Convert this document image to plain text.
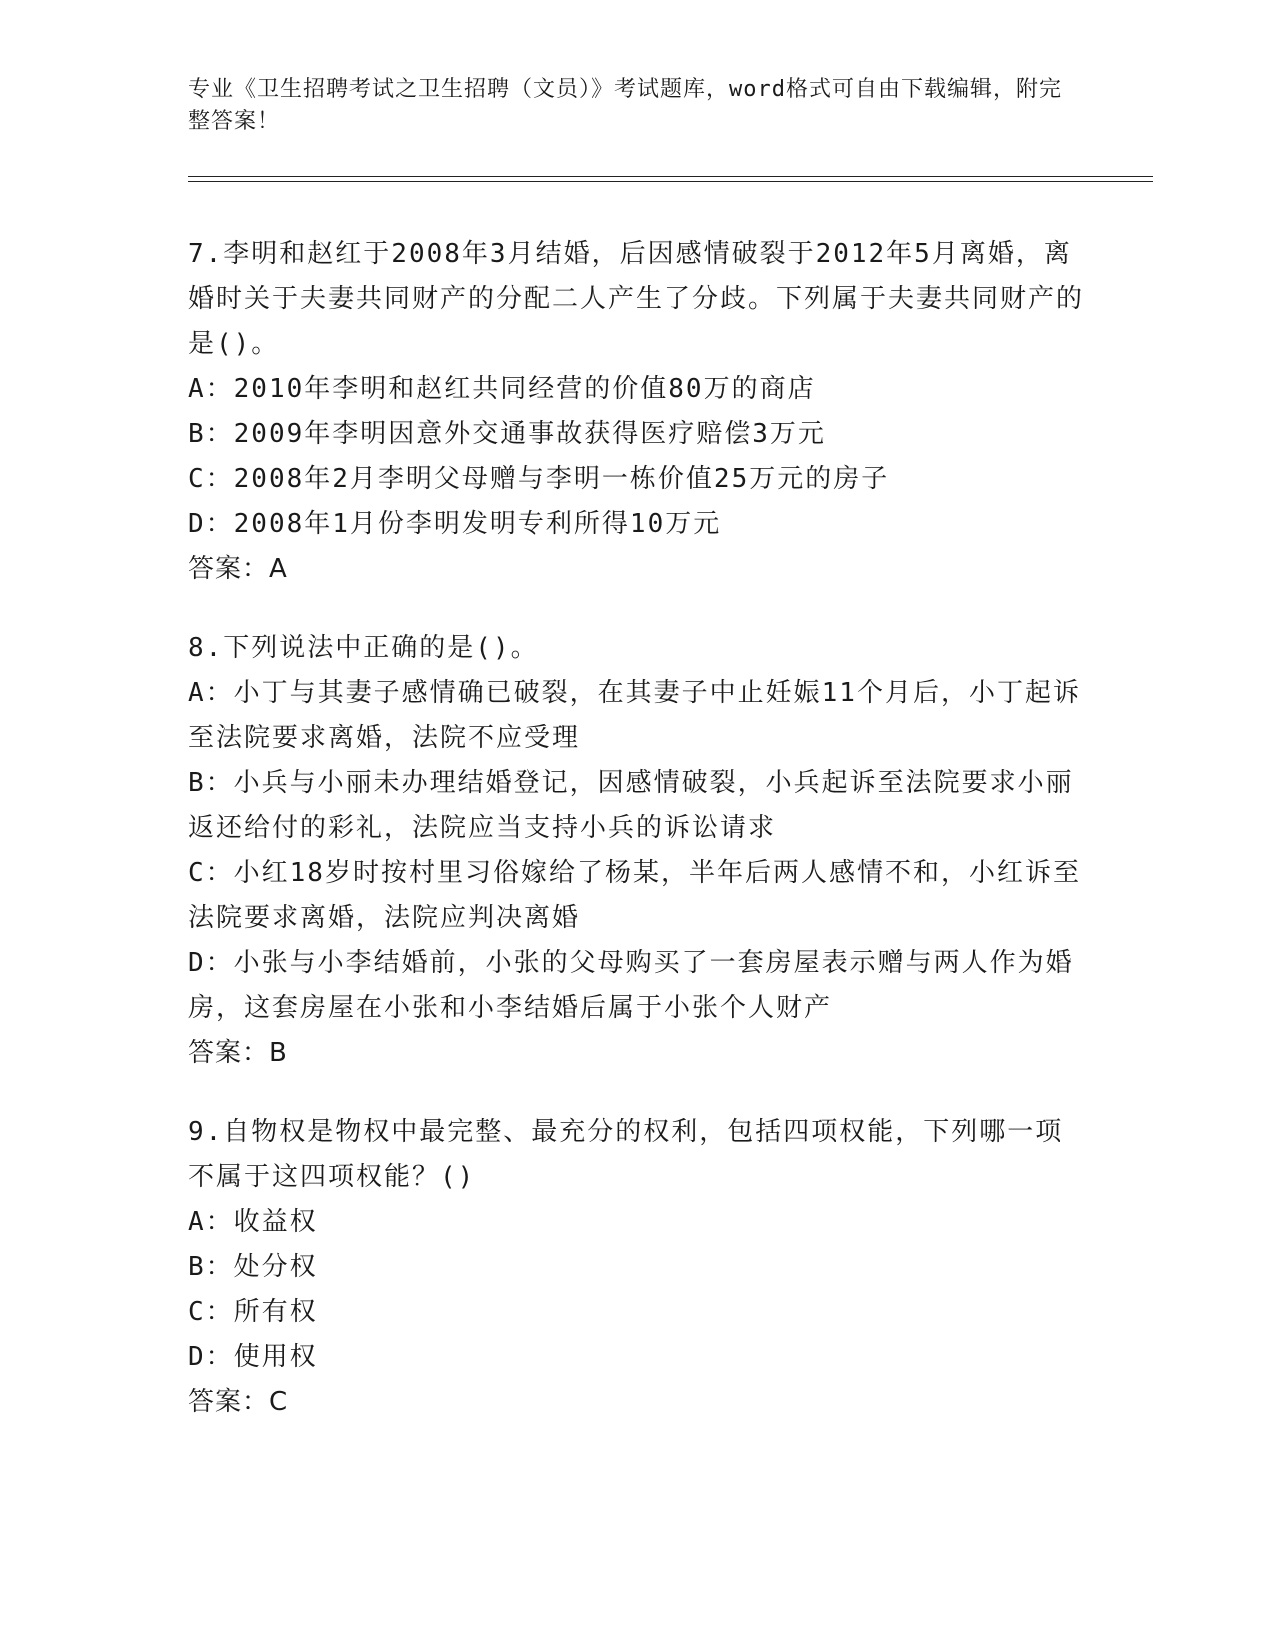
专业《卫生招聘考试之卫生招聘（文员）》考试题库，word格式可自由下载编辑，附完整答案！

7.李明和赵红于2008年3月结婚，后因感情破裂于2012年5月离婚，离婚时关于夫妻共同财产的分配二人产生了分歧。下列属于夫妻共同财产的是()。

A：2010年李明和赵红共同经营的价值80万的商店

B：2009年李明因意外交通事故获得医疗赔偿3万元

C：2008年2月李明父母赠与李明一栋价值25万元的房子

D：2008年1月份李明发明专利所得10万元

答案：A

8.下列说法中正确的是()。

A：小丁与其妻子感情确已破裂，在其妻子中止妊娠11个月后，小丁起诉至法院要求离婚，法院不应受理

B：小兵与小丽未办理结婚登记，因感情破裂，小兵起诉至法院要求小丽返还给付的彩礼，法院应当支持小兵的诉讼请求

C：小红18岁时按村里习俗嫁给了杨某，半年后两人感情不和，小红诉至法院要求离婚，法院应判决离婚

D：小张与小李结婚前，小张的父母购买了一套房屋表示赠与两人作为婚房，这套房屋在小张和小李结婚后属于小张个人财产

答案：B

9.自物权是物权中最完整、最充分的权利，包括四项权能，下列哪一项不属于这四项权能？()

A：收益权

B：处分权

C：所有权

D：使用权

答案：C
